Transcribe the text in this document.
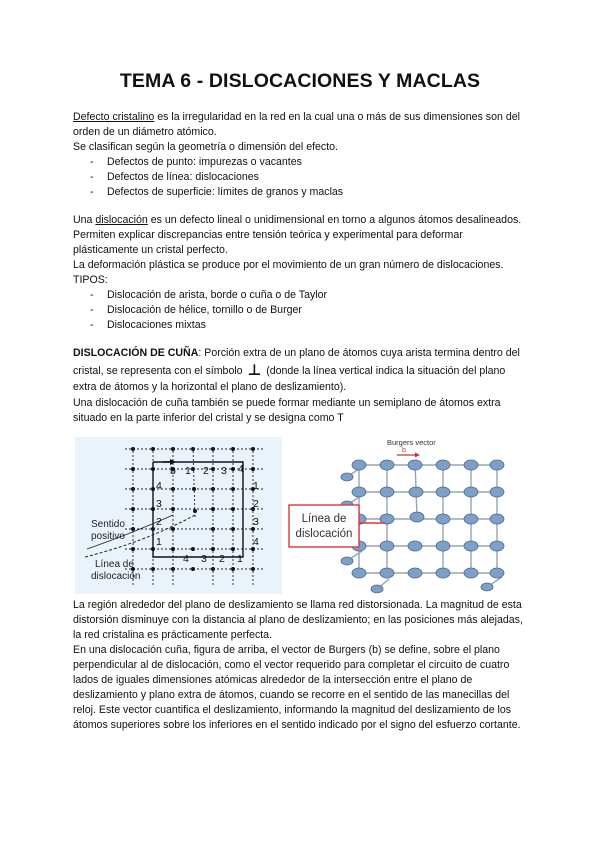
TEMA 6 - DISLOCACIONES Y MACLAS

Defecto cristalino es la irregularidad en la red en la cual una o más de sus dimensiones son del orden de un diámetro atómico.

Se clasifican según la geometría o dimensión del efecto.

- Defectos de punto: impurezas o vacantes
- Defectos de línea: dislocaciones
- Defectos de superficie: límites de granos y maclas

Una dislocación es un defecto lineal o unidimensional en torno a algunos átomos desalineados. Permiten explicar discrepancias entre tensión teórica y experimental para deformar plásticamente un cristal perfecto.

La deformación plástica se produce por el movimiento de un gran número de dislocaciones.

TIPOS:

- Dislocación de arista, borde o cuña o de Taylor
- Dislocación de hélice, tornillo o de Burger
- Dislocaciones mixtas

DISLOCACIÓN DE CUÑA: Porción extra de un plano de átomos cuya arista termina dentro del cristal, se representa con el símbolo ⊥ (donde la línea vertical indica la situación del plano extra de átomos y la horizontal el plano de deslizamiento).

Una dislocación de cuña también se puede formar mediante un semiplano de átomos extra situado en la parte inferior del cristal y se designa como T

b 1 2 3 4
1
2
3
4
4 3 2 1
4
3
2
1
Sentido
positivo
Línea de
dislocación
Burgers vector
b
Línea de
dislocación

La región alrededor del plano de deslizamiento se llama red distorsionada. La magnitud de esta distorsión disminuye con la distancia al plano de deslizamiento; en las posiciones más alejadas, la red cristalina es prácticamente perfecta.

En una dislocación cuña, figura de arriba, el vector de Burgers (b) se define, sobre el plano perpendicular al de dislocación, como el vector requerido para completar el circuito de cuatro lados de iguales dimensiones atómicas alrededor de la intersección entre el plano de deslizamiento y plano extra de átomos, cuando se recorre en el sentido de las manecillas del reloj. Este vector cuantifica el deslizamiento, informando la magnitud del deslizamiento de los átomos superiores sobre los inferiores en el sentido indicado por el signo del esfuerzo cortante.
